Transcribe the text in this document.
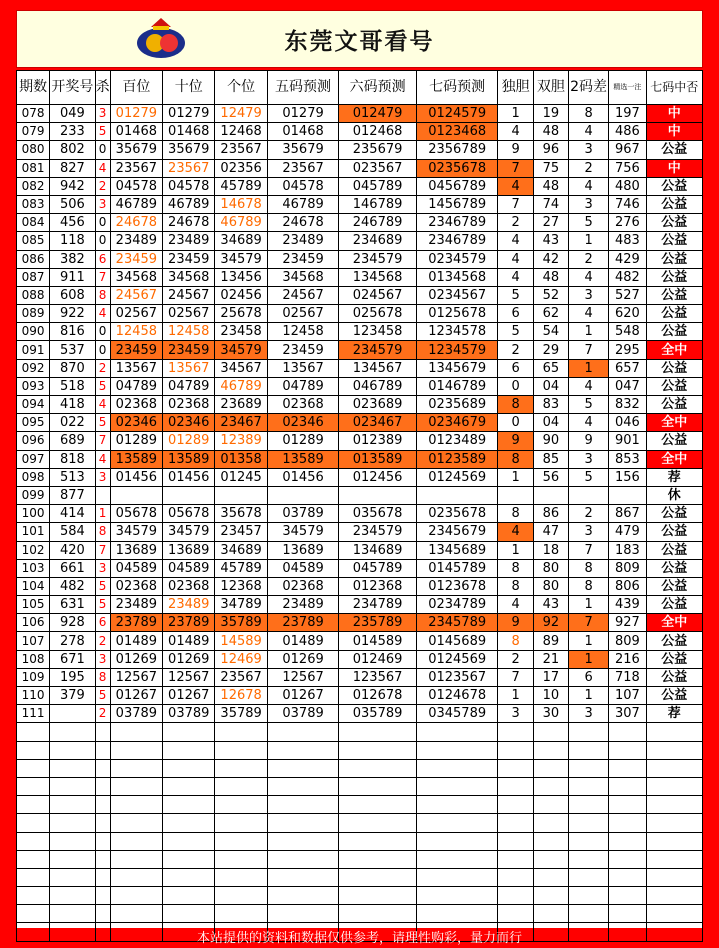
东莞文哥看号
期数	开奖号	杀	百位	十位	个位	五码预测	六码预测	七码预测	独胆	双胆	2码差	精选一注	七码中否
078	049	3	01279	01279	12479	01279	012479	0124579	1	19	8	197	中
079	233	5	01468	01468	12468	01468	012468	0123468	4	48	4	486	中
080	802	0	35679	35679	23567	35679	235679	2356789	9	96	3	967	公益
081	827	4	23567	23567	02356	23567	023567	0235678	7	75	2	756	中
082	942	2	04578	04578	45789	04578	045789	0456789	4	48	4	480	公益
083	506	3	46789	46789	14678	46789	146789	1456789	7	74	3	746	公益
084	456	0	24678	24678	46789	24678	246789	2346789	2	27	5	276	公益
085	118	0	23489	23489	34689	23489	234689	2346789	4	43	1	483	公益
086	382	6	23459	23459	34579	23459	234579	0234579	4	42	2	429	公益
087	911	7	34568	34568	13456	34568	134568	0134568	4	48	4	482	公益
088	608	8	24567	24567	02456	24567	024567	0234567	5	52	3	527	公益
089	922	4	02567	02567	25678	02567	025678	0125678	6	62	4	620	公益
090	816	0	12458	12458	23458	12458	123458	1234578	5	54	1	548	公益
091	537	0	23459	23459	34579	23459	234579	1234579	2	29	7	295	全中
092	870	2	13567	13567	34567	13567	134567	1345679	6	65	1	657	公益
093	518	5	04789	04789	46789	04789	046789	0146789	0	04	4	047	公益
094	418	4	02368	02368	23689	02368	023689	0235689	8	83	5	832	公益
095	022	5	02346	02346	23467	02346	023467	0234679	0	04	4	046	全中
096	689	7	01289	01289	12389	01289	012389	0123489	9	90	9	901	公益
097	818	4	13589	13589	01358	13589	013589	0123589	8	85	3	853	全中
098	513	3	01456	01456	01245	01456	012456	0124569	1	56	5	156	荐
099	877												休
100	414	1	05678	05678	35678	03789	035678	0235678	8	86	2	867	公益
101	584	8	34579	34579	23457	34579	234579	2345679	4	47	3	479	公益
102	420	7	13689	13689	34689	13689	134689	1345689	1	18	7	183	公益
103	661	3	04589	04589	45789	04589	045789	0145789	8	80	8	809	公益
104	482	5	02368	02368	12368	02368	012368	0123678	8	80	8	806	公益
105	631	5	23489	23489	34789	23489	234789	0234789	4	43	1	439	公益
106	928	6	23789	23789	35789	23789	235789	2345789	9	92	7	927	全中
107	278	2	01489	01489	14589	01489	014589	0145689	8	89	1	809	公益
108	671	3	01269	01269	12469	01269	012469	0124569	2	21	1	216	公益
109	195	8	12567	12567	23567	12567	123567	0123567	7	17	6	718	公益
110	379	5	01267	01267	12678	01267	012678	0124678	1	10	1	107	公益
111		2	03789	03789	35789	03789	035789	0345789	3	30	3	307	荐

本站提供的资料和数据仅供参考，请理性购彩，量力而行
